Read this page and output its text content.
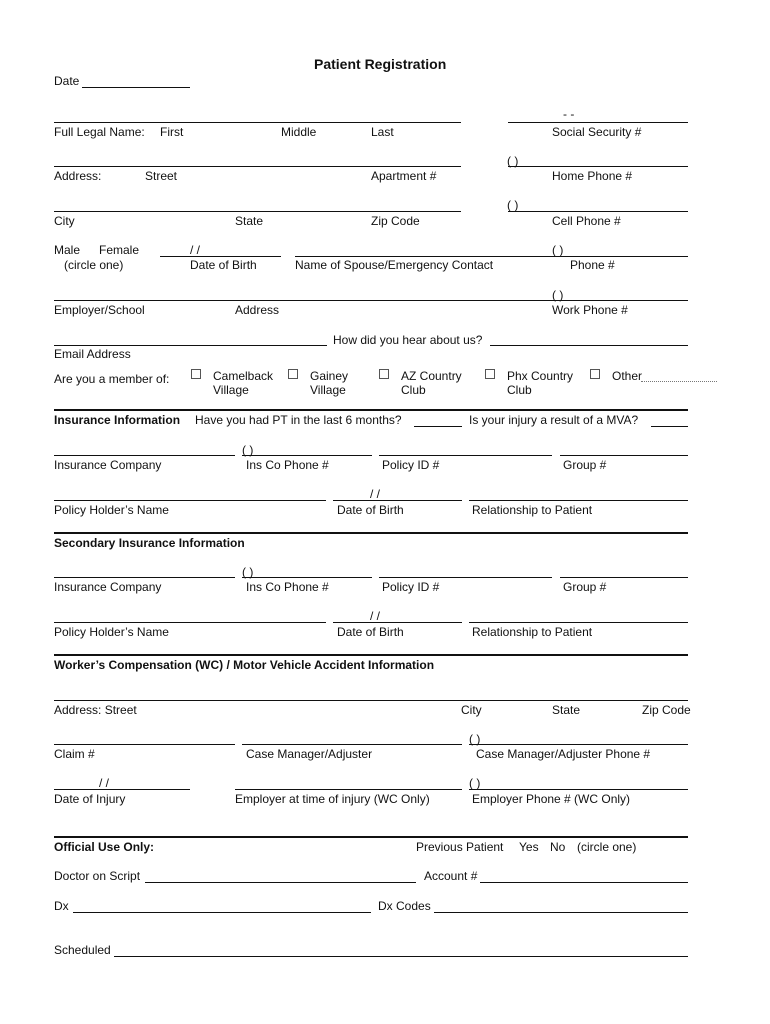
Patient Registration
Date
- -
Full Legal Name: First	Middle	Last	Social Security #
( )
Address:	Street	Apartment #	Home Phone #
( )
City	State	Zip Code	Cell Phone #
Male Female	/ /	( )
(circle one)	Date of Birth	Name of Spouse/Emergency Contact	Phone #
( )
Employer/School	Address	Work Phone #
How did you hear about us?
Email Address
Are you a member of:	Camelback
Village
Gainey
Village
AZ Country
Club
Phx Country
Club
Other
Insurance Information Have you had PT in the last 6 months?	Is your injury a result of a MVA?
( )
Insurance Company	Ins Co Phone #	Policy ID #	Group #
/ /
Policy Holder’s Name	Date of Birth	Relationship to Patient
Secondary Insurance Information
( )
Insurance Company	Ins Co Phone #	Policy ID #	Group #
/ /
Policy Holder’s Name	Date of Birth	Relationship to Patient
Worker’s Compensation (WC) / Motor Vehicle Accident Information
Address: Street	City	State	Zip Code
( )
Claim #	Case Manager/Adjuster	Case Manager/Adjuster Phone #
/ /	( )
Date of Injury	Employer at time of injury (WC Only)	Employer Phone # (WC Only)
Official Use Only:	Previous Patient Yes No (circle one)
Doctor on Script	Account #
Dx	Dx Codes
Scheduled
